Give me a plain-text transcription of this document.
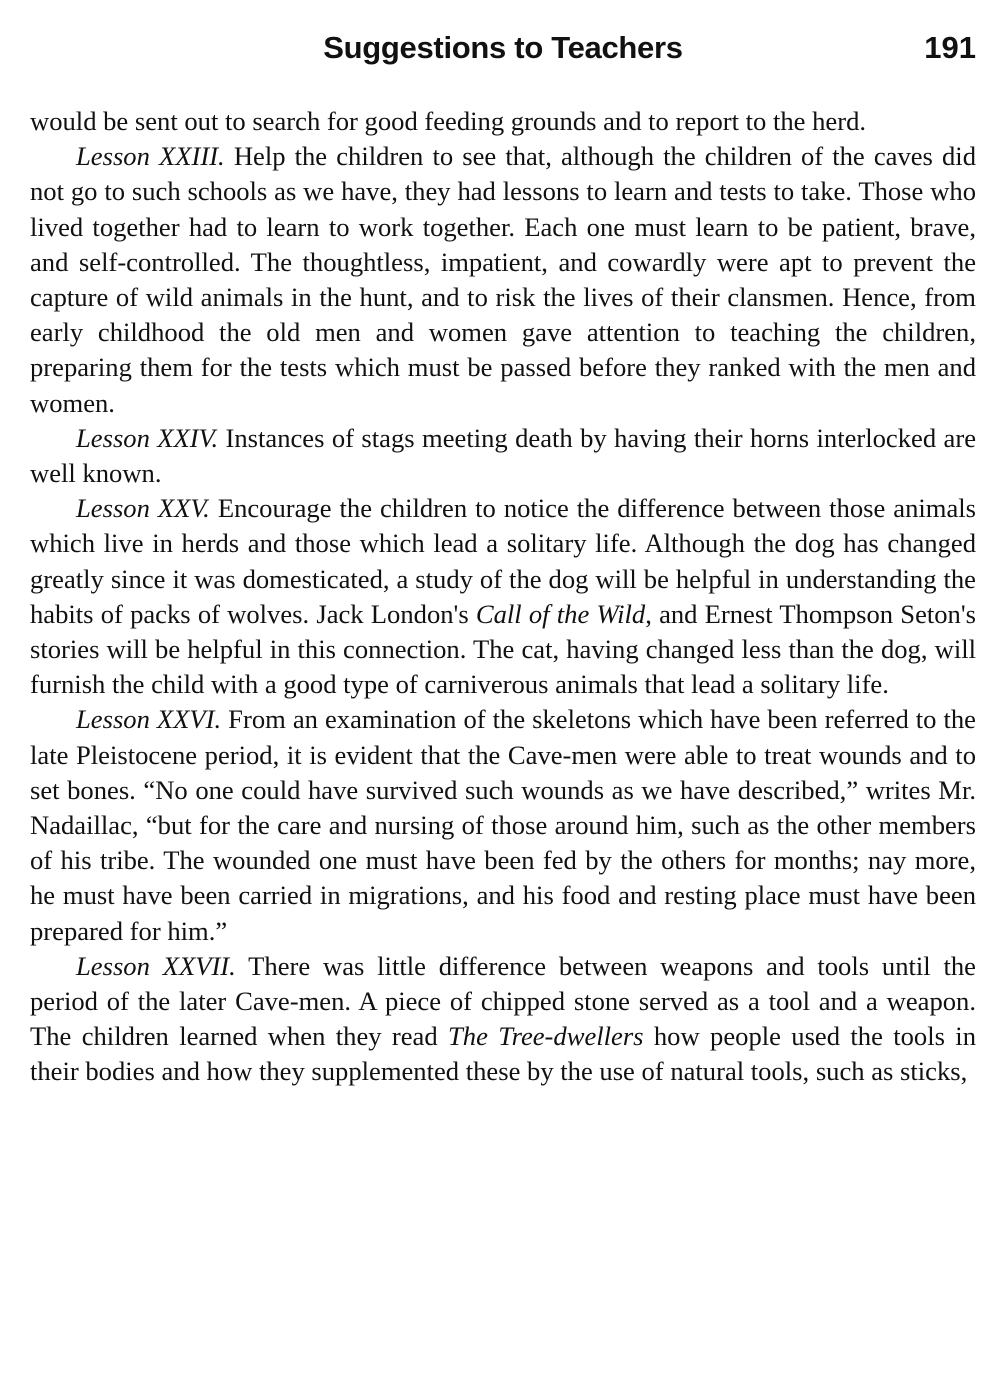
Suggestions to Teachers	191

would be sent out to search for good feeding grounds and to report to the herd.

Lesson XXIII. Help the children to see that, although the children of the caves did not go to such schools as we have, they had lessons to learn and tests to take. Those who lived together had to learn to work together. Each one must learn to be patient, brave, and self-controlled. The thoughtless, impatient, and cowardly were apt to prevent the capture of wild animals in the hunt, and to risk the lives of their clansmen. Hence, from early childhood the old men and women gave attention to teaching the children, preparing them for the tests which must be passed before they ranked with the men and women.

Lesson XXIV. Instances of stags meeting death by having their horns interlocked are well known.

Lesson XXV. Encourage the children to notice the difference between those animals which live in herds and those which lead a solitary life. Although the dog has changed greatly since it was domesticated, a study of the dog will be helpful in understanding the habits of packs of wolves. Jack London's Call of the Wild, and Ernest Thompson Seton's stories will be helpful in this connection. The cat, having changed less than the dog, will furnish the child with a good type of carniverous animals that lead a solitary life.

Lesson XXVI. From an examination of the skeletons which have been referred to the late Pleistocene period, it is evident that the Cave-men were able to treat wounds and to set bones. “No one could have survived such wounds as we have described,” writes Mr. Nadaillac, “but for the care and nursing of those around him, such as the other members of his tribe. The wounded one must have been fed by the others for months; nay more, he must have been carried in migrations, and his food and resting place must have been prepared for him.”

Lesson XXVII. There was little difference between weapons and tools until the period of the later Cave-men. A piece of chipped stone served as a tool and a weapon. The children learned when they read The Tree-dwellers how people used the tools in their bodies and how they supplemented these by the use of natural tools, such as sticks,
